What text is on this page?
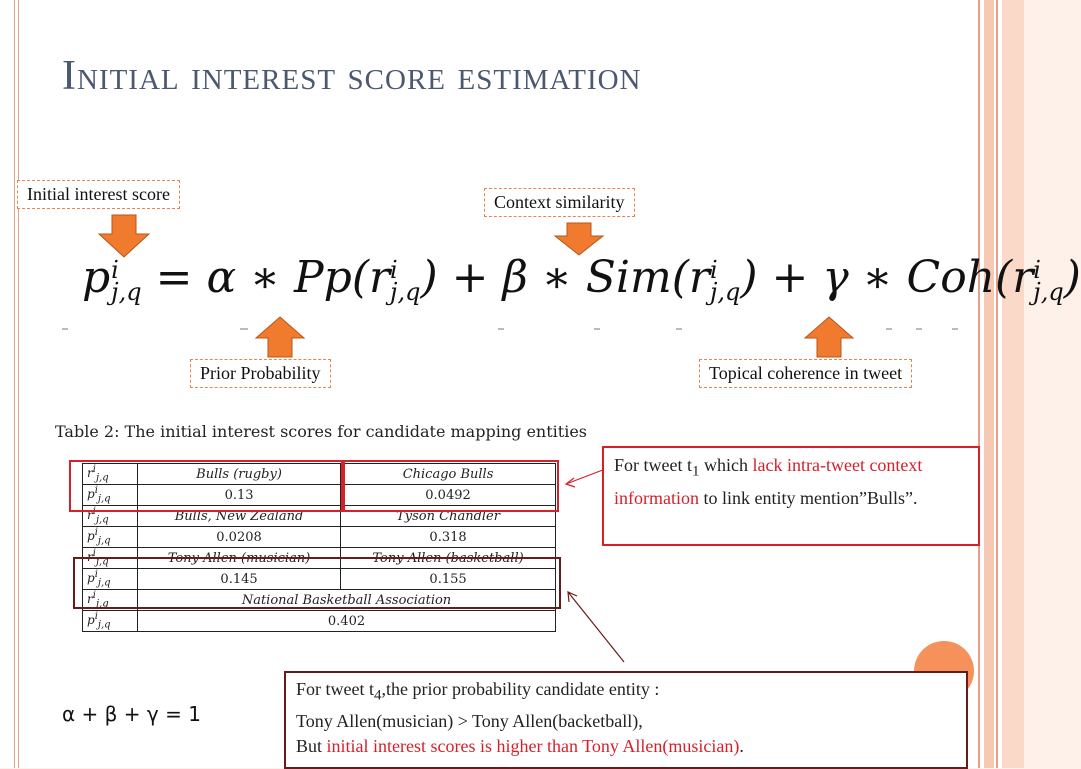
Initial interest score estimation
Initial interest score	Context similarity
Prior Probability	Topical coherence in tweet
p i
j,q = α ∗ Pp(r i
j,q ) + β ∗ Sim(r i
j,q ) + γ ∗ Coh(r i
j,q )
Table 2: The initial interest scores for candidate mapping entities
$r^i_{j,q}$	Bulls (rugby)	Chicago Bulls
$p^i_{j,q}$	0.13	0.0492
$r^i_{j,q}$	Bulls, New Zealand	Tyson Chandler
$p^i_{j,q}$	0.0208	0.318
$r^i_{j,q}$	Tony Allen (musician)	Tony Allen (basketball)
$p^i_{j,q}$	0.145	0.155
$r^i_{j,q}$	National Basketball Association	
$p^i_{j,q}$	0.402	
For tweet $t_1$ which lack intra-tweet context information to link entity mention”Bulls”.
For tweet $t_4,the$ prior probability candidate entity :
Tony Allen(musician) > Tony Allen(backetball),
But initial interest scores is higher than Tony Allen(musician).
α + β + γ = 1
